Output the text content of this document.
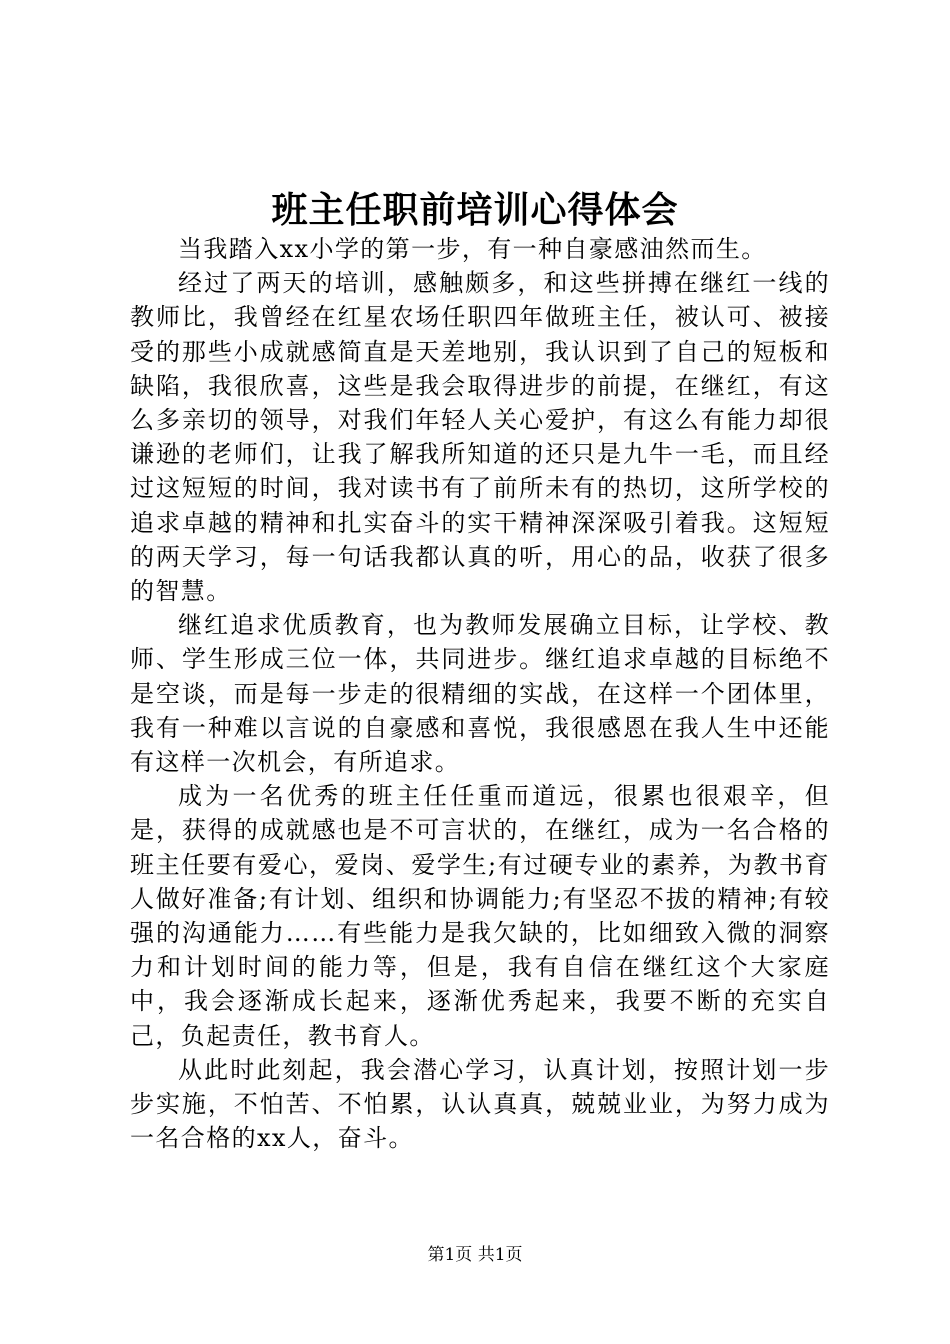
班主任职前培训心得体会

当我踏入xx小学的第一步，有一种自豪感油然而生。

经过了两天的培训，感触颇多，和这些拼搏在继红一线的教师比，我曾经在红星农场任职四年做班主任，被认可、被接受的那些小成就感简直是天差地别，我认识到了自己的短板和缺陷，我很欣喜，这些是我会取得进步的前提，在继红，有这么多亲切的领导，对我们年轻人关心爱护，有这么有能力却很谦逊的老师们，让我了解我所知道的还只是九牛一毛，而且经过这短短的时间，我对读书有了前所未有的热切，这所学校的追求卓越的精神和扎实奋斗的实干精神深深吸引着我。这短短的两天学习，每一句话我都认真的听，用心的品，收获了很多的智慧。

继红追求优质教育，也为教师发展确立目标，让学校、教师、学生形成三位一体，共同进步。继红追求卓越的目标绝不是空谈，而是每一步走的很精细的实战，在这样一个团体里，我有一种难以言说的自豪感和喜悦，我很感恩在我人生中还能有这样一次机会，有所追求。

成为一名优秀的班主任任重而道远，很累也很艰辛，但是，获得的成就感也是不可言状的，在继红，成为一名合格的班主任要有爱心，爱岗、爱学生;有过硬专业的素养，为教书育人做好准备;有计划、组织和协调能力;有坚忍不拔的精神;有较强的沟通能力……有些能力是我欠缺的，比如细致入微的洞察力和计划时间的能力等，但是，我有自信在继红这个大家庭中，我会逐渐成长起来，逐渐优秀起来，我要不断的充实自己，负起责任，教书育人。

从此时此刻起，我会潜心学习，认真计划，按照计划一步步实施，不怕苦、不怕累，认认真真，兢兢业业，为努力成为一名合格的xx人，奋斗。

第1页 共1页
